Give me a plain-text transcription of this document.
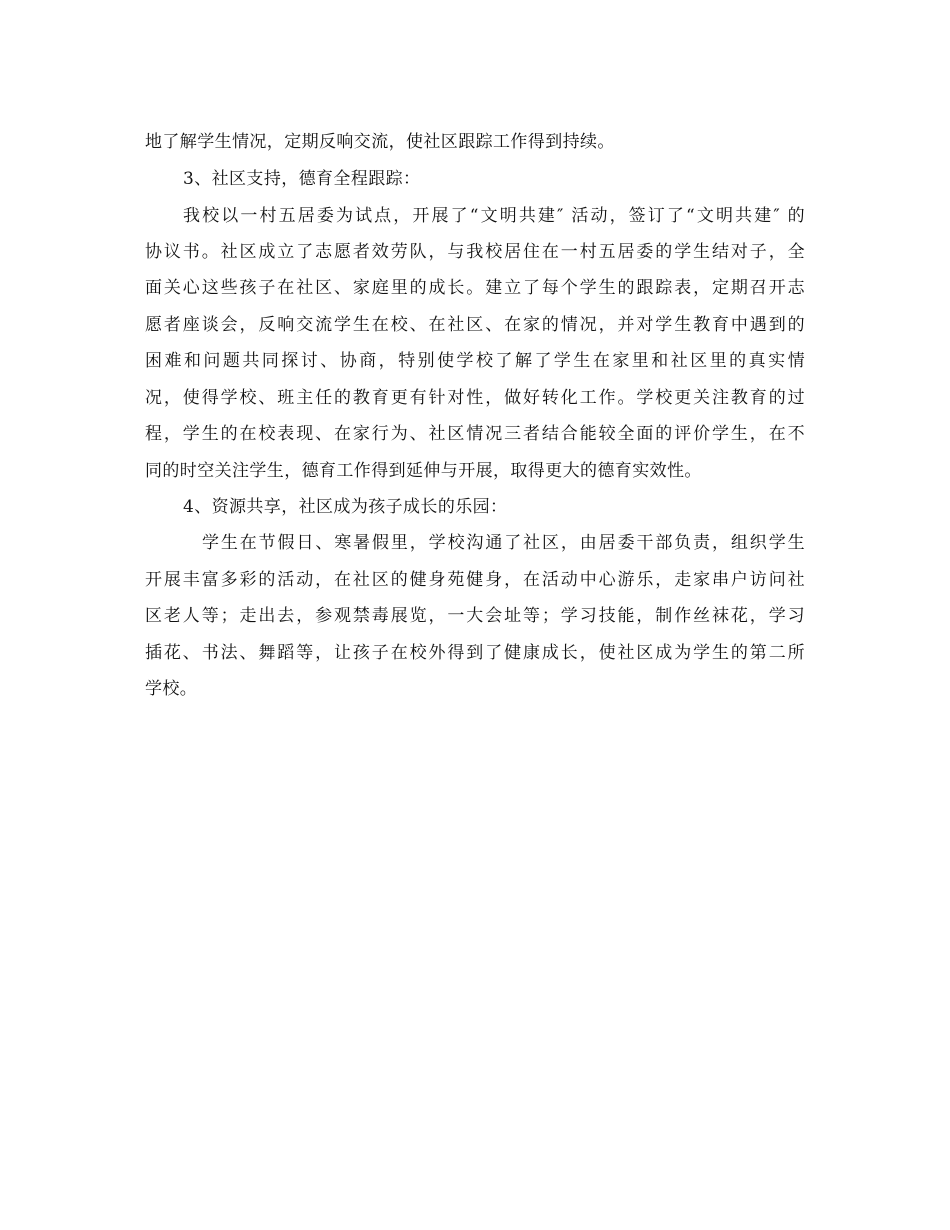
地了解学生情况，定期反响交流，使社区跟踪工作得到持续。
3、社区支持，德育全程跟踪：
我校以一村五居委为试点，开展了“文明共建″ 活动，签订了“文明共建″ 的
协议书。社区成立了志愿者效劳队，与我校居住在一村五居委的学生结对子，全
面关心这些孩子在社区、家庭里的成长。建立了每个学生的跟踪表，定期召开志
愿者座谈会，反响交流学生在校、在社区、在家的情况，并对学生教育中遇到的
困难和问题共同探讨、协商，特别使学校了解了学生在家里和社区里的真实情
况，使得学校、班主任的教育更有针对性，做好转化工作。学校更关注教育的过
程，学生的在校表现、在家行为、社区情况三者结合能较全面的评价学生，在不
同的时空关注学生，德育工作得到延伸与开展，取得更大的德育实效性。
4、资源共享，社区成为孩子成长的乐园：
学生在节假日、寒暑假里，学校沟通了社区，由居委干部负责，组织学生
开展丰富多彩的活动，在社区的健身苑健身，在活动中心游乐，走家串户访问社
区老人等；走出去，参观禁毒展览，一大会址等；学习技能，制作丝袜花，学习
插花、书法、舞蹈等，让孩子在校外得到了健康成长，使社区成为学生的第二所
学校。
